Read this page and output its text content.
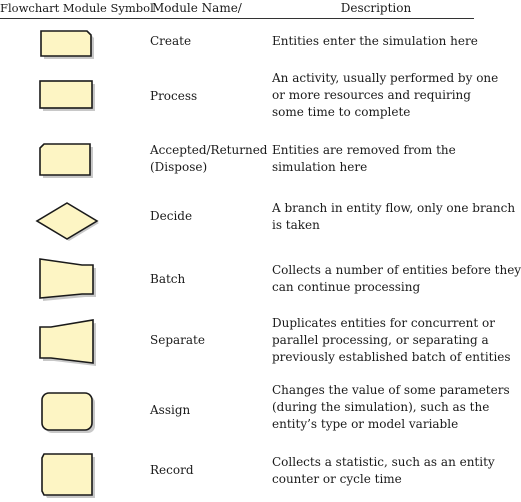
Flowchart Module Symbol
Module Name/	Description
Create	Entities enter the simulation here
Process
An activity, usually performed by one
or more resources and requiring
some time to complete
Accepted/Returned
(Dispose)
Entities are removed from the
simulation here
Decide
A branch in entity flow, only one branch
is taken
Batch
Collects a number of entities before they
can continue processing
Separate
Duplicates entities for concurrent or
parallel processing, or separating a
previously established batch of entities
Assign
Changes the value of some parameters
(during the simulation), such as the
entity’s type or model variable
Record
Collects a statistic, such as an entity
counter or cycle time
